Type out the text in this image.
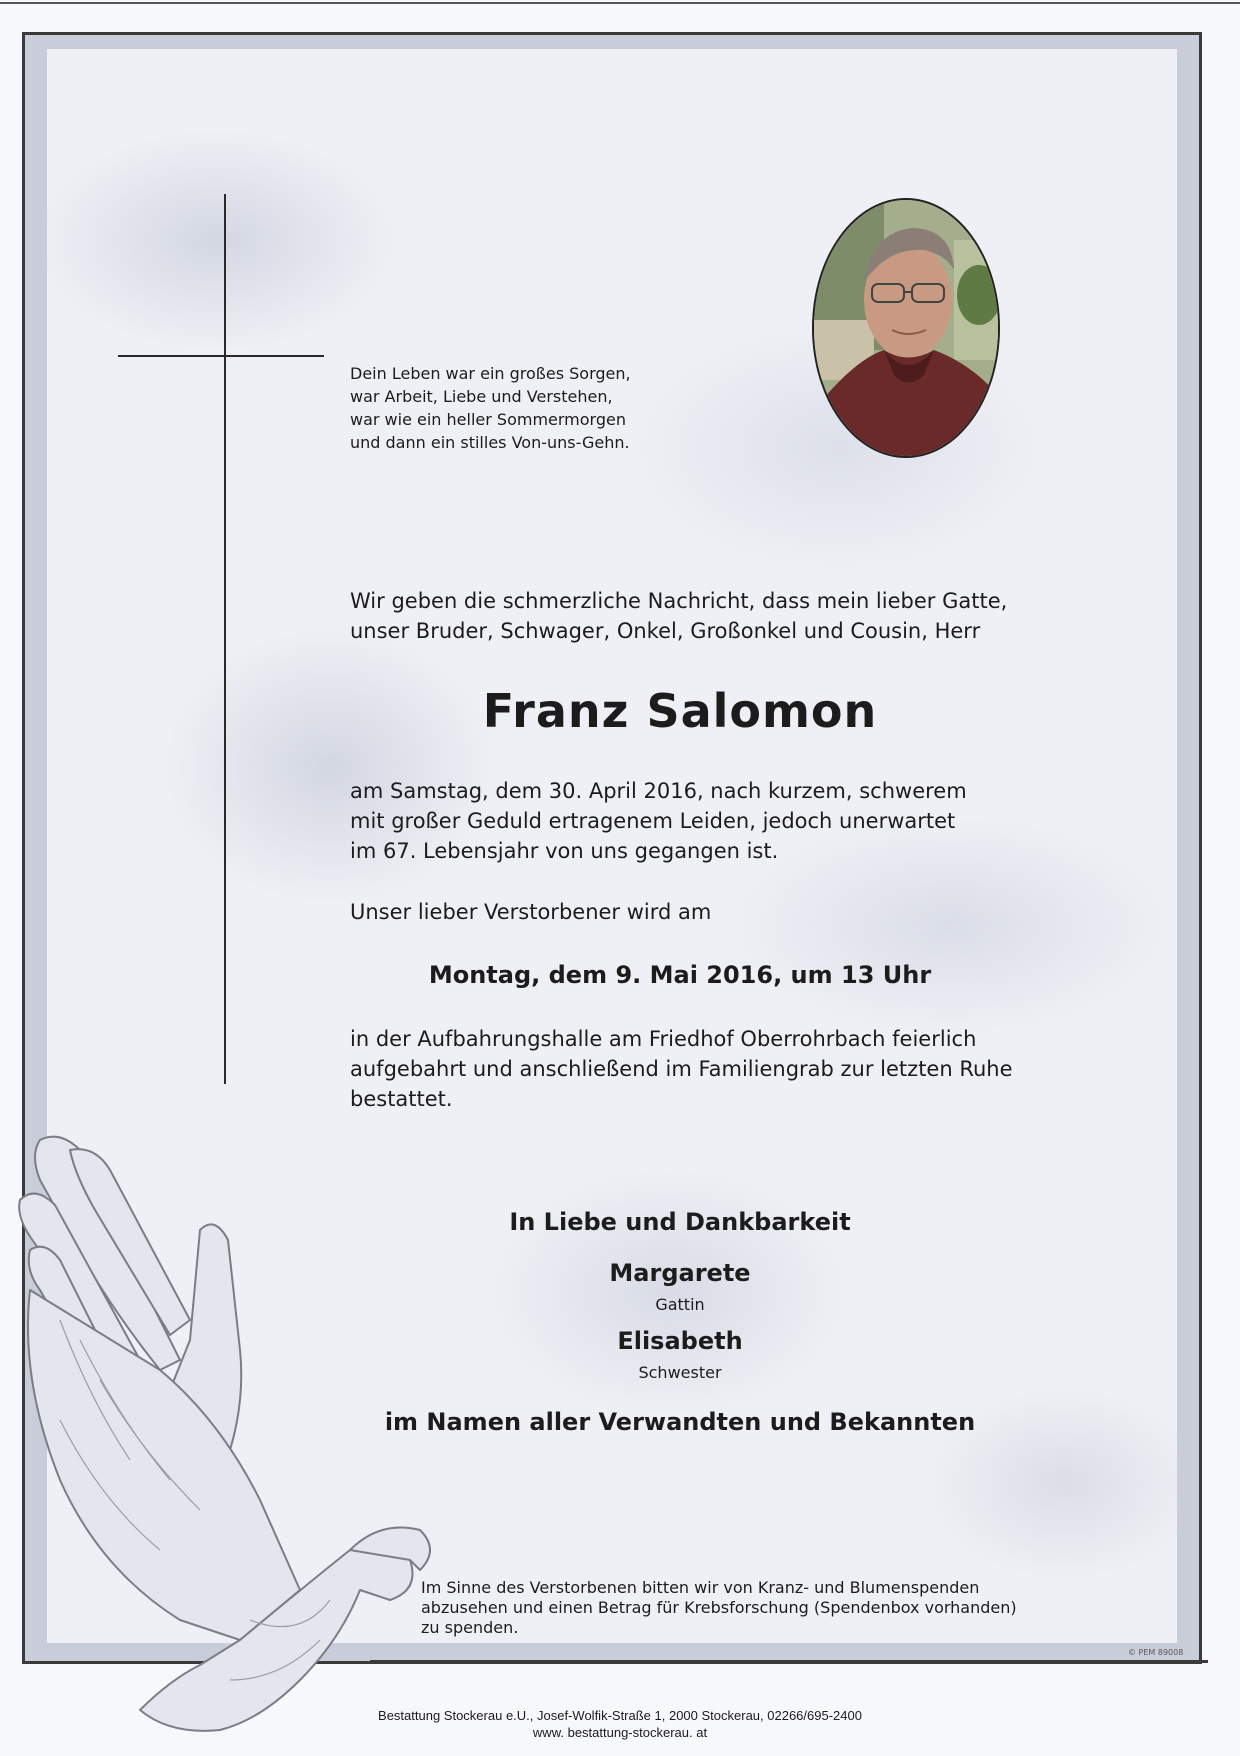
Dein Leben war ein großes Sorgen,
war Arbeit, Liebe und Verstehen,
war wie ein heller Sommermorgen
und dann ein stilles Von-uns-Gehn.
Wir geben die schmerzliche Nachricht, dass mein lieber Gatte,
unser Bruder, Schwager, Onkel, Großonkel und Cousin, Herr
Franz Salomon
am Samstag, dem 30. April 2016, nach kurzem, schwerem
mit großer Geduld ertragenem Leiden, jedoch unerwartet
im 67. Lebensjahr von uns gegangen ist.
Unser lieber Verstorbener wird am
Montag, dem 9. Mai 2016, um 13 Uhr
in der Aufbahrungshalle am Friedhof Oberrohrbach feierlich
aufgebahrt und anschließend im Familiengrab zur letzten Ruhe
bestattet.
In Liebe und Dankbarkeit
Margarete
Gattin
Elisabeth
Schwester
im Namen aller Verwandten und Bekannten
Im Sinne des Verstorbenen bitten wir von Kranz- und Blumenspenden
abzusehen und einen Betrag für Krebsforschung (Spendenbox vorhanden)
zu spenden.
© PEM 89008
Bestattung Stockerau e.U., Josef-Wolfik-Straße 1, 2000 Stockerau, 02266/695-2400
www. bestattung-stockerau. at
